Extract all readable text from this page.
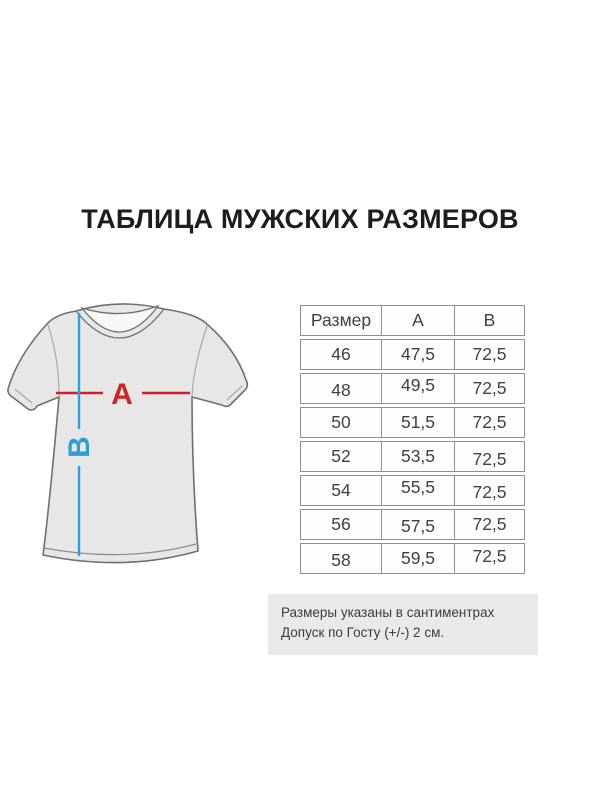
ТАБЛИЦА МУЖСКИХ РАЗМЕРОВ
A
B
Размер	A	B
46	47,5	72,5
48	49,5	72,5
50	51,5	72,5
52	53,5	72,5
54	55,5	72,5
56	57,5	72,5
58	59,5	72,5
Размеры указаны в сантиментрах
Допуск по Госту (+/-) 2 см.
